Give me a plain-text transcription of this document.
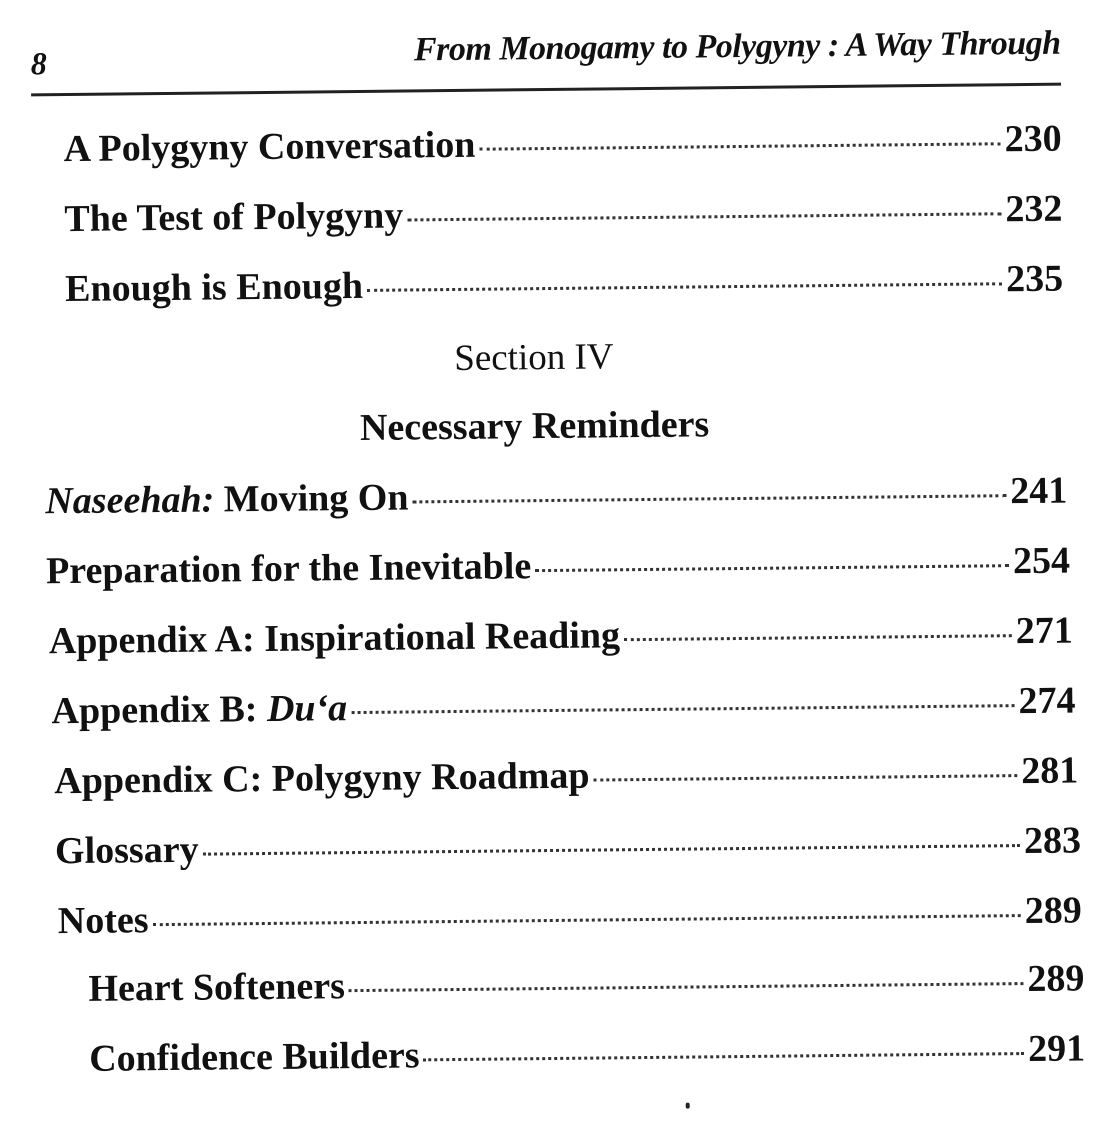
8	From Monogamy to Polygyny : A Way Through
A Polygyny Conversation	230
The Test of Polygyny	232
Enough is Enough	235
Section IV
Necessary Reminders
Naseehah: Moving On	241
Preparation for the Inevitable	254
Appendix A: Inspirational Reading	271
Appendix B: Du‘a	274
Appendix C: Polygyny Roadmap	281
Glossary	283
Notes	289
Heart Softeners	289
Confidence Builders	291
